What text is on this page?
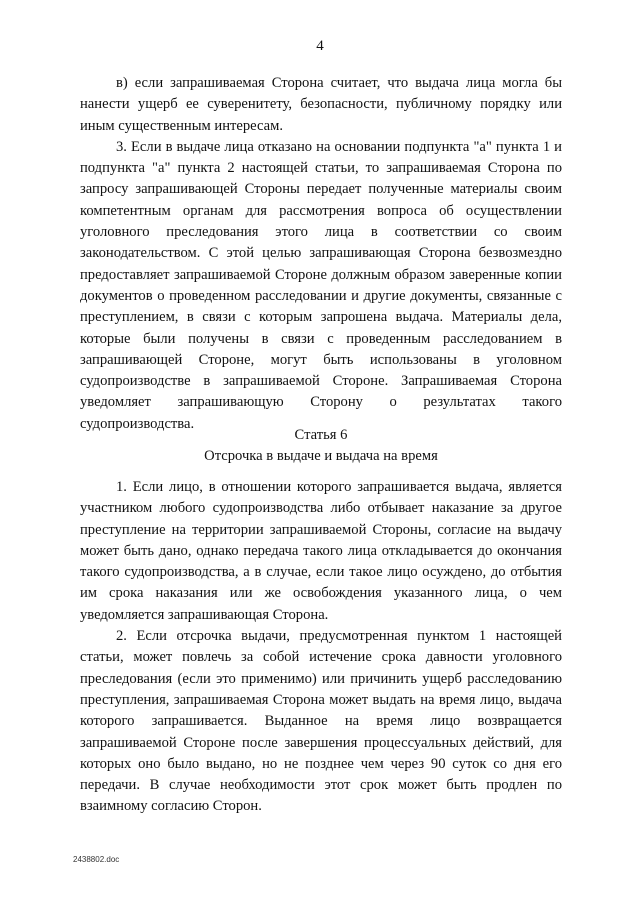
4

в) если запрашиваемая Сторона считает, что выдача лица могла бы нанести ущерб ее суверенитету, безопасности, публичному порядку или иным существенным интересам.

3. Если в выдаче лица отказано на основании подпункта "а" пункта 1 и подпункта "а" пункта 2 настоящей статьи, то запрашиваемая Сторона по запросу запрашивающей Стороны передает полученные материалы своим компетентным органам для рассмотрения вопроса об осуществлении уголовного преследования этого лица в соответствии со своим законодательством. С этой целью запрашивающая Сторона безвозмездно предоставляет запрашиваемой Стороне должным образом заверенные копии документов о проведенном расследовании и другие документы, связанные с преступлением, в связи с которым запрошена выдача. Материалы дела, которые были получены в связи с проведенным расследованием в запрашивающей Стороне, могут быть использованы в уголовном судопроизводстве в запрашиваемой Стороне. Запрашиваемая Сторона уведомляет запрашивающую Сторону о результатах такого судопроизводства.

Статья 6
Отсрочка в выдаче и выдача на время

1. Если лицо, в отношении которого запрашивается выдача, является участником любого судопроизводства либо отбывает наказание за другое преступление на территории запрашиваемой Стороны, согласие на выдачу может быть дано, однако передача такого лица откладывается до окончания такого судопроизводства, а в случае, если такое лицо осуждено, до отбытия им срока наказания или же освобождения указанного лица, о чем уведомляется запрашивающая Сторона.

2. Если отсрочка выдачи, предусмотренная пунктом 1 настоящей статьи, может повлечь за собой истечение срока давности уголовного преследования (если это применимо) или причинить ущерб расследованию преступления, запрашиваемая Сторона может выдать на время лицо, выдача которого запрашивается. Выданное на время лицо возвращается запрашиваемой Стороне после завершения процессуальных действий, для которых оно было выдано, но не позднее чем через 90 суток со дня его передачи. В случае необходимости этот срок может быть продлен по взаимному согласию Сторон.

2438802.doc
